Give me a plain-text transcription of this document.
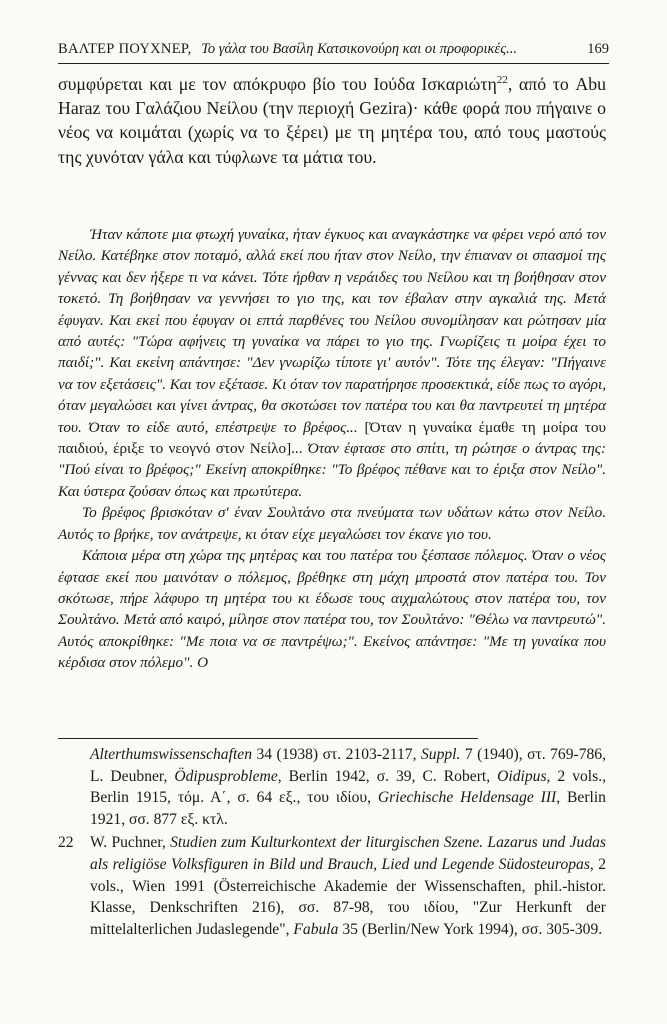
ΒΑΛΤΕΡ ΠΟΥΧΝΕΡ, Το γάλα του Βασίλη Κατσικονούρη και οι προφορικές...	169

συμφύρεται και με τον απόκρυφο βίο του Ιούδα Ισκαριώτη$^{22}$, από το Abu Haraz του Γαλάζιου Νείλου (την περιοχή Gezira)· κάθε φορά που πήγαινε ο νέος να κοιμάται (χωρίς να το ξέρει) με τη μητέρα του, από τους μαστούς της χυνόταν γάλα και τύφλωνε τα μάτια του.

Ήταν κάποτε μια φτωχή γυναίκα, ήταν έγκυος και αναγκάστηκε να φέρει νερό από τον Νείλο. Κατέβηκε στον ποταμό, αλλά εκεί που ήταν στον Νείλο, την έπιαναν οι σπασμοί της γέννας και δεν ήξερε τι να κάνει. Τότε ήρθαν η νεράιδες του Νείλου και τη βοήθησαν στον τοκετό. Τη βοήθησαν να γεννήσει το γιο της, και τον έβαλαν στην αγκαλιά της. Μετά έφυγαν. Και εκεί που έφυγαν οι επτά παρθένες του Νείλου συνομίλησαν και ρώτησαν μία από αυτές: "Τώρα αφήνεις τη γυναίκα να πάρει το γιο της. Γνωρίζεις τι μοίρα έχει το παιδί;". Και εκείνη απάντησε: "Δεν γνωρίζω τίποτε γι' αυτόν". Τότε της έλεγαν: "Πήγαινε να τον εξετάσεις". Και τον εξέτασε. Κι όταν τον παρατήρησε προσεκτικά, είδε πως το αγόρι, όταν μεγαλώσει και γίνει άντρας, θα σκοτώσει τον πατέρα του και θα παντρευτεί τη μητέρα του. Όταν το είδε αυτό, επέστρεψε το βρέφος... [Όταν η γυναίκα έμαθε τη μοίρα του παιδιού, έριξε το νεογνό στον Νείλο]... Όταν έφτασε στο σπίτι, τη ρώτησε ο άντρας της: "Πού είναι το βρέφος;" Εκείνη αποκρίθηκε: "Το βρέφος πέθανε και το έριξα στον Νείλο". Και ύστερα ζούσαν όπως και πρωτύτερα.

Το βρέφος βρισκόταν σ' έναν Σουλτάνο στα πνεύματα των υδάτων κάτω στον Νείλο. Αυτός το βρήκε, τον ανάτρεψε, κι όταν είχε μεγαλώσει τον έκανε γιο του.

Κάποια μέρα στη χώρα της μητέρας και του πατέρα του ξέσπασε πόλεμος. Όταν ο νέος έφτασε εκεί που μαινόταν ο πόλεμος, βρέθηκε στη μάχη μπροστά στον πατέρα του. Τον σκότωσε, πήρε λάφυρο τη μητέρα του κι έδωσε τους αιχμαλώτους στον πατέρα του, τον Σουλτάνο. Μετά από καιρό, μίλησε στον πατέρα του, τον Σουλτάνο: "Θέλω να παντρευτώ". Αυτός αποκρίθηκε: "Με ποια να σε παντρέψω;". Εκείνος απάντησε: "Με τη γυναίκα που κέρδισα στον πόλεμο". Ο

Alterthumswissenschaften 34 (1938) στ. 2103-2117, Suppl. 7 (1940), στ. 769-786, L. Deubner, Ödipusprobleme, Berlin 1942, σ. 39, C. Robert, Oidipus, 2 vols., Berlin 1915, τόμ. Α΄, σ. 64 εξ., του ιδίου, Griechische Heldensage III, Berlin 1921, σσ. 877 εξ. κτλ.
22 W. Puchner, Studien zum Kulturkontext der liturgischen Szene. Lazarus und Judas als religiöse Volksfiguren in Bild und Brauch, Lied und Legende Südosteuropas, 2 vols., Wien 1991 (Österreichische Akademie der Wissenschaften, phil.-histor. Klasse, Denkschriften 216), σσ. 87-98, του ιδίου, "Zur Herkunft der mittelalterlichen Judaslegende", Fabula 35 (Berlin/New York 1994), σσ. 305-309.
